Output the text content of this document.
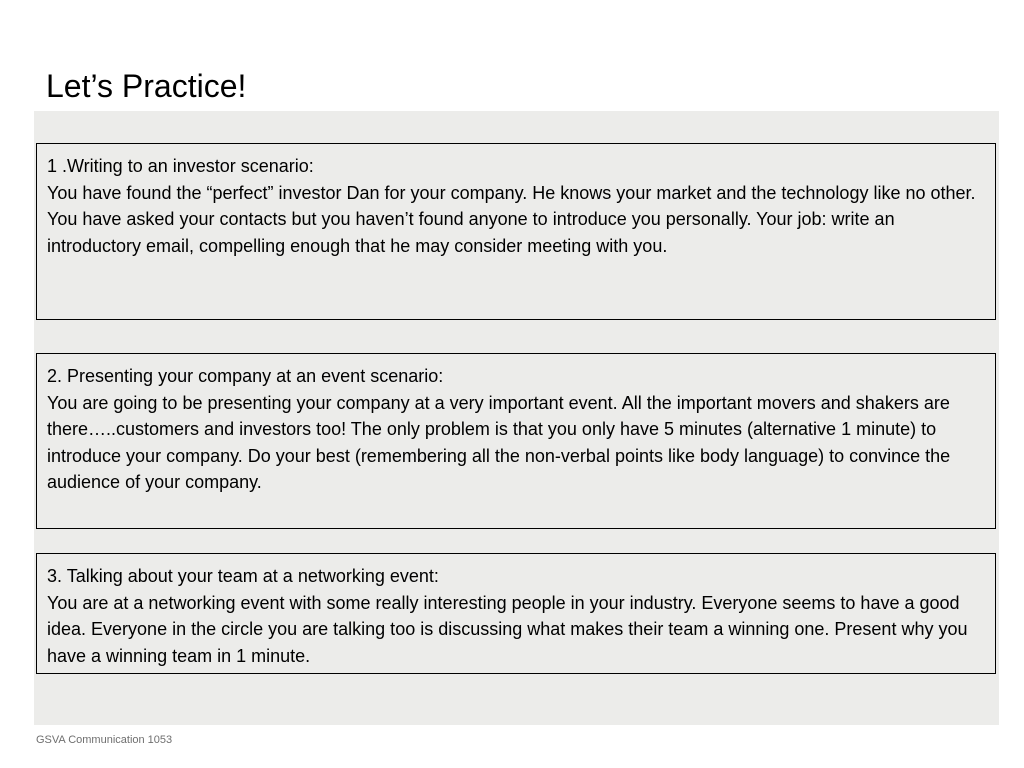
Let’s Practice!
1 .Writing to an investor scenario:
You have found the “perfect” investor Dan for your company. He knows your market and the technology like no other. You have asked your contacts but you haven’t found anyone to introduce you personally. Your job: write an introductory email, compelling enough that he may consider meeting with you.
2. Presenting your company at an event scenario:
You are going to be presenting your company at a very important event. All the important movers and shakers are there…..customers and investors too! The only problem is that you only have 5 minutes (alternative 1 minute) to introduce your company. Do your best (remembering all the non-verbal points like body language) to convince the audience of your company.
3. Talking about your team at a networking event:
You are at a networking event with some really interesting people in your industry. Everyone seems to have a good idea. Everyone in the circle you are talking too is discussing what makes their team a winning one. Present why you have a winning team in 1 minute.
GSVA Communication 1053
